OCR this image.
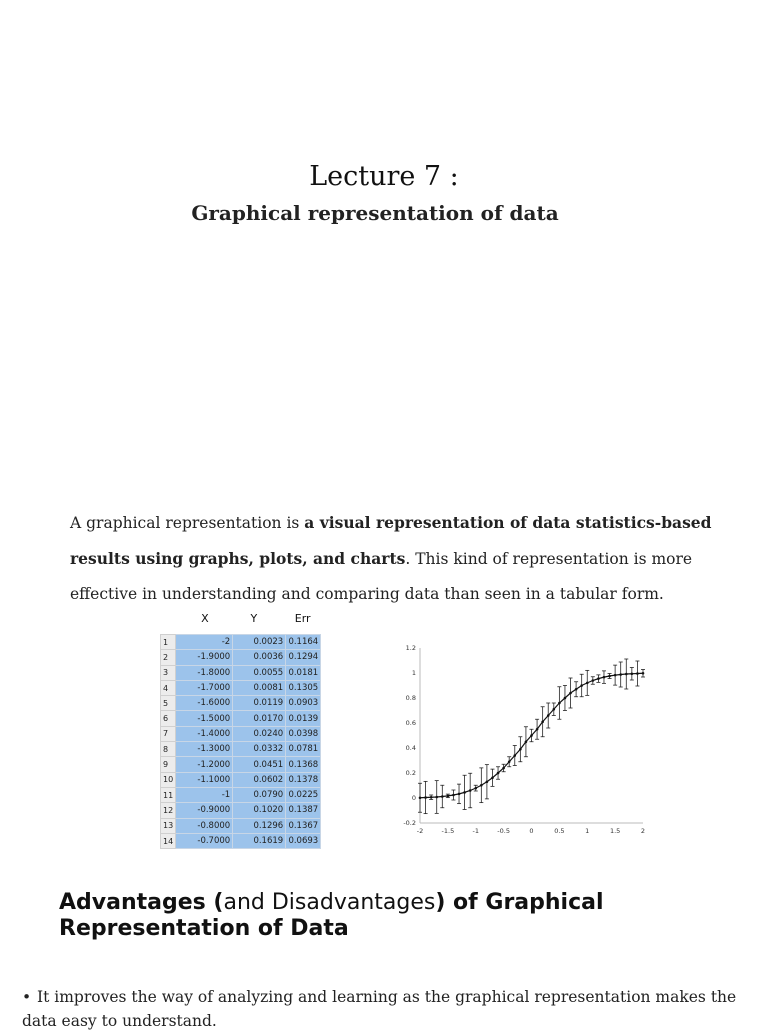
Lecture 7 :
Graphical representation of data
A graphical representation is a visual representation of data statistics-based results using graphs, plots, and charts. This kind of representation is more effective in understanding and comparing data than seen in a tabular form.
X	Y	Err
1	-2	0.0023	0.1164
2	-1.9000	0.0036	0.1294
3	-1.8000	0.0055	0.0181
4	-1.7000	0.0081	0.1305
5	-1.6000	0.0119	0.0903
6	-1.5000	0.0170	0.0139
7	-1.4000	0.0240	0.0398
8	-1.3000	0.0332	0.0781
9	-1.2000	0.0451	0.1368
10	-1.1000	0.0602	0.1378
11	-1	0.0790	0.0225
12	-0.9000	0.1020	0.1387
13	-0.8000	0.1296	0.1367
14	-0.7000	0.1619	0.0693
-2	-1.5	-1	-0.5	0	0.5	1	1.5	2
-0.2
0
0.2
0.4
0.6
0.8
1
1.2
Advantages (and Disadvantages) of Graphical Representation of Data
• It improves the way of analyzing and learning as the graphical representation makes the data easy to understand.
